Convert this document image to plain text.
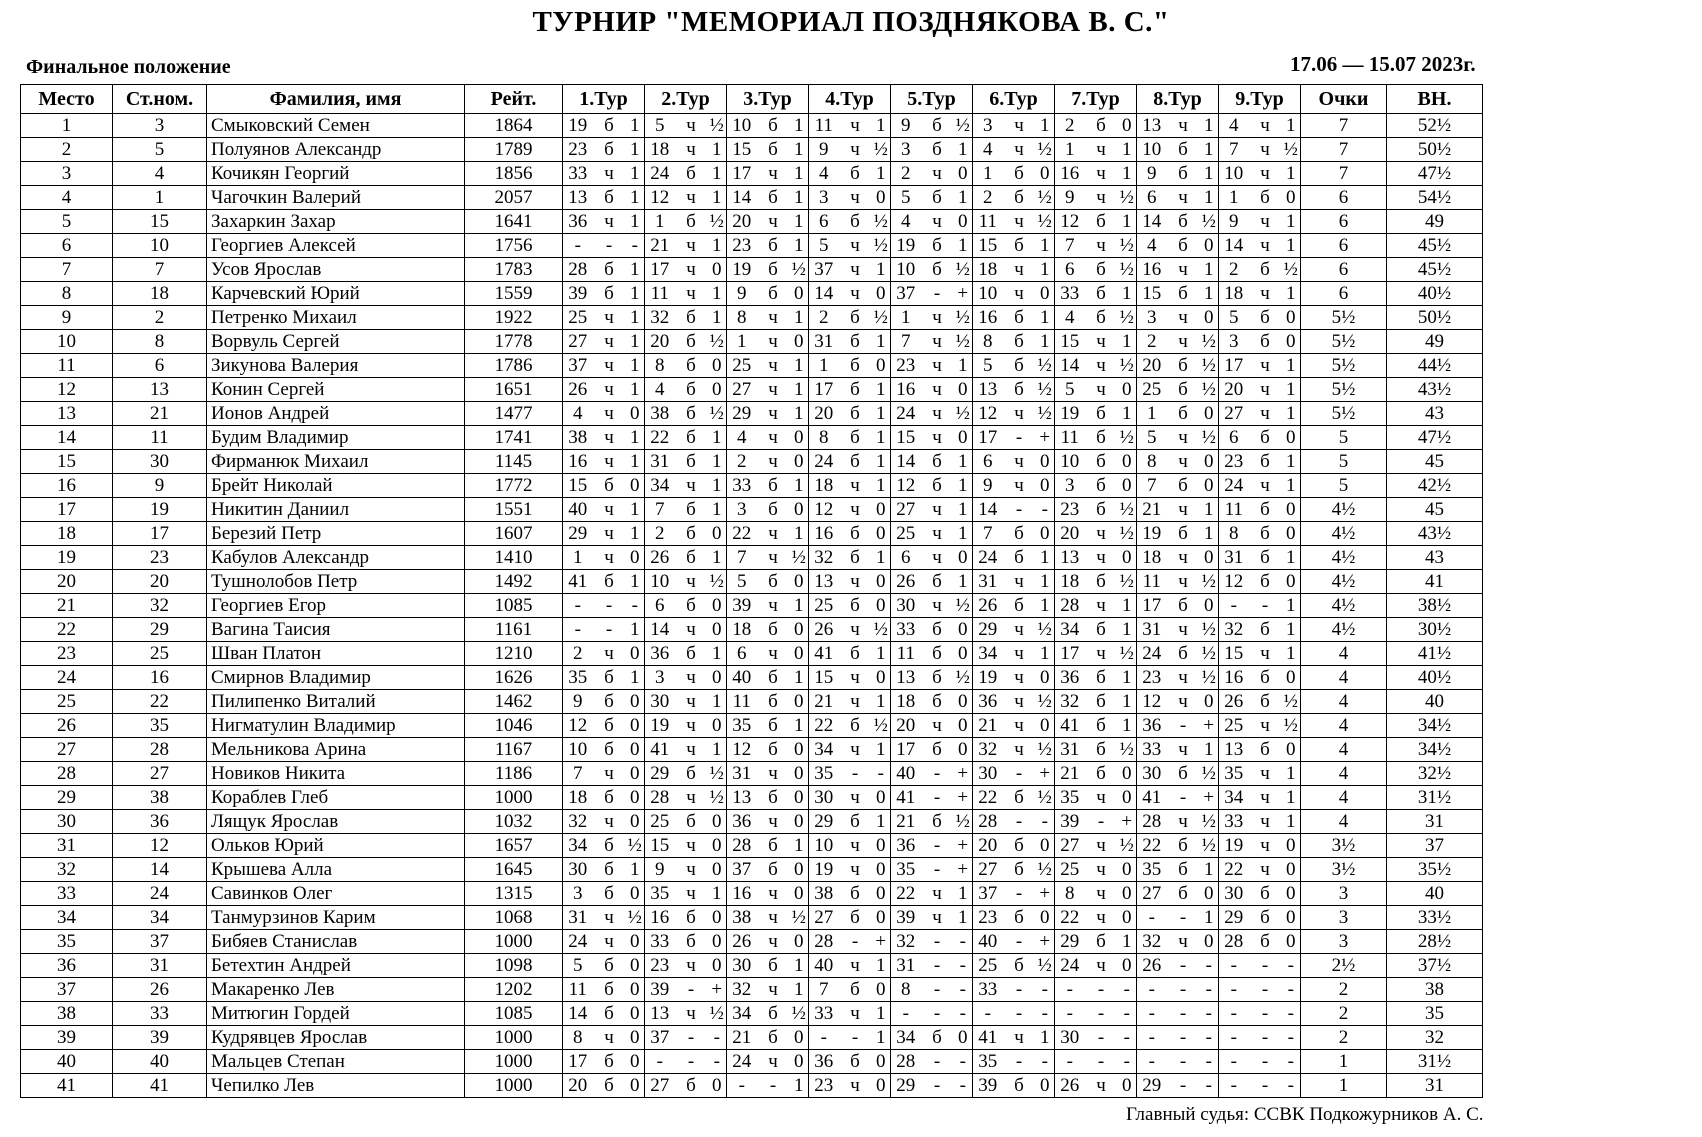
ТУРНИР "МЕМОРИАЛ ПОЗДНЯКОВА В. С."
Финальное положение	17.06 — 15.07 2023г.
Место	Ст.ном.	Фамилия, имя	Рейт.	1.Тур			2.Тур			3.Тур			4.Тур			5.Тур			6.Тур			7.Тур			8.Тур			9.Тур			Очки	ВН.
1	3	Смыковский Семен	1864	19	б	1	5	ч	½	10	б	1	11	ч	1	9	б	½	3	ч	1	2	б	0	13	ч	1	4	ч	1	7	52½
2	5	Полуянов Александр	1789	23	б	1	18	ч	1	15	б	1	9	ч	½	3	б	1	4	ч	½	1	ч	1	10	б	1	7	ч	½	7	50½
3	4	Кочикян Георгий	1856	33	ч	1	24	б	1	17	ч	1	4	б	1	2	ч	0	1	б	0	16	ч	1	9	б	1	10	ч	1	7	47½
4	1	Чагочкин Валерий	2057	13	б	1	12	ч	1	14	б	1	3	ч	0	5	б	1	2	б	½	9	ч	½	6	ч	1	1	б	0	6	54½
5	15	Захаркин Захар	1641	36	ч	1	1	б	½	20	ч	1	6	б	½	4	ч	0	11	ч	½	12	б	1	14	б	½	9	ч	1	6	49
6	10	Георгиев Алексей	1756	-	-	-	21	ч	1	23	б	1	5	ч	½	19	б	1	15	б	1	7	ч	½	4	б	0	14	ч	1	6	45½
7	7	Усов Ярослав	1783	28	б	1	17	ч	0	19	б	½	37	ч	1	10	б	½	18	ч	1	6	б	½	16	ч	1	2	б	½	6	45½
8	18	Карчевский Юрий	1559	39	б	1	11	ч	1	9	б	0	14	ч	0	37	-	+	10	ч	0	33	б	1	15	б	1	18	ч	1	6	40½
9	2	Петренко Михаил	1922	25	ч	1	32	б	1	8	ч	1	2	б	½	1	ч	½	16	б	1	4	б	½	3	ч	0	5	б	0	5½	50½
10	8	Ворвуль Сергей	1778	27	ч	1	20	б	½	1	ч	0	31	б	1	7	ч	½	8	б	1	15	ч	1	2	ч	½	3	б	0	5½	49
11	6	Зикунова Валерия	1786	37	ч	1	8	б	0	25	ч	1	1	б	0	23	ч	1	5	б	½	14	ч	½	20	б	½	17	ч	1	5½	44½
12	13	Конин Сергей	1651	26	ч	1	4	б	0	27	ч	1	17	б	1	16	ч	0	13	б	½	5	ч	0	25	б	½	20	ч	1	5½	43½
13	21	Ионов Андрей	1477	4	ч	0	38	б	½	29	ч	1	20	б	1	24	ч	½	12	ч	½	19	б	1	1	б	0	27	ч	1	5½	43
14	11	Будим Владимир	1741	38	ч	1	22	б	1	4	ч	0	8	б	1	15	ч	0	17	-	+	11	б	½	5	ч	½	6	б	0	5	47½
15	30	Фирманюк Михаил	1145	16	ч	1	31	б	1	2	ч	0	24	б	1	14	б	1	6	ч	0	10	б	0	8	ч	0	23	б	1	5	45
16	9	Брейт Николай	1772	15	б	0	34	ч	1	33	б	1	18	ч	1	12	б	1	9	ч	0	3	б	0	7	б	0	24	ч	1	5	42½
17	19	Никитин Даниил	1551	40	ч	1	7	б	1	3	б	0	12	ч	0	27	ч	1	14	-	-	23	б	½	21	ч	1	11	б	0	4½	45
18	17	Березий Петр	1607	29	ч	1	2	б	0	22	ч	1	16	б	0	25	ч	1	7	б	0	20	ч	½	19	б	1	8	б	0	4½	43½
19	23	Кабулов Александр	1410	1	ч	0	26	б	1	7	ч	½	32	б	1	6	ч	0	24	б	1	13	ч	0	18	ч	0	31	б	1	4½	43
20	20	Тушнолобов Петр	1492	41	б	1	10	ч	½	5	б	0	13	ч	0	26	б	1	31	ч	1	18	б	½	11	ч	½	12	б	0	4½	41
21	32	Георгиев Егор	1085	-	-	-	6	б	0	39	ч	1	25	б	0	30	ч	½	26	б	1	28	ч	1	17	б	0	-	-	1	4½	38½
22	29	Вагина Таисия	1161	-	-	1	14	ч	0	18	б	0	26	ч	½	33	б	0	29	ч	½	34	б	1	31	ч	½	32	б	1	4½	30½
23	25	Шван Платон	1210	2	ч	0	36	б	1	6	ч	0	41	б	1	11	б	0	34	ч	1	17	ч	½	24	б	½	15	ч	1	4	41½
24	16	Смирнов Владимир	1626	35	б	1	3	ч	0	40	б	1	15	ч	0	13	б	½	19	ч	0	36	б	1	23	ч	½	16	б	0	4	40½
25	22	Пилипенко Виталий	1462	9	б	0	30	ч	1	11	б	0	21	ч	1	18	б	0	36	ч	½	32	б	1	12	ч	0	26	б	½	4	40
26	35	Нигматулин Владимир	1046	12	б	0	19	ч	0	35	б	1	22	б	½	20	ч	0	21	ч	0	41	б	1	36	-	+	25	ч	½	4	34½
27	28	Мельникова Арина	1167	10	б	0	41	ч	1	12	б	0	34	ч	1	17	б	0	32	ч	½	31	б	½	33	ч	1	13	б	0	4	34½
28	27	Новиков Никита	1186	7	ч	0	29	б	½	31	ч	0	35	-	-	40	-	+	30	-	+	21	б	0	30	б	½	35	ч	1	4	32½
29	38	Кораблев Глеб	1000	18	б	0	28	ч	½	13	б	0	30	ч	0	41	-	+	22	б	½	35	ч	0	41	-	+	34	ч	1	4	31½
30	36	Лящук Ярослав	1032	32	ч	0	25	б	0	36	ч	0	29	б	1	21	б	½	28	-	-	39	-	+	28	ч	½	33	ч	1	4	31
31	12	Ольков Юрий	1657	34	б	½	15	ч	0	28	б	1	10	ч	0	36	-	+	20	б	0	27	ч	½	22	б	½	19	ч	0	3½	37
32	14	Крышева Алла	1645	30	б	1	9	ч	0	37	б	0	19	ч	0	35	-	+	27	б	½	25	ч	0	35	б	1	22	ч	0	3½	35½
33	24	Савинков Олег	1315	3	б	0	35	ч	1	16	ч	0	38	б	0	22	ч	1	37	-	+	8	ч	0	27	б	0	30	б	0	3	40
34	34	Танмурзинов Карим	1068	31	ч	½	16	б	0	38	ч	½	27	б	0	39	ч	1	23	б	0	22	ч	0	-	-	1	29	б	0	3	33½
35	37	Бибяев Станислав	1000	24	ч	0	33	б	0	26	ч	0	28	-	+	32	-	-	40	-	+	29	б	1	32	ч	0	28	б	0	3	28½
36	31	Бетехтин Андрей	1098	5	б	0	23	ч	0	30	б	1	40	ч	1	31	-	-	25	б	½	24	ч	0	26	-	-	-	-	-	2½	37½
37	26	Макаренко Лев	1202	11	б	0	39	-	+	32	ч	1	7	б	0	8	-	-	33	-	-	-	-	-	-	-	-	-	-	-	2	38
38	33	Митюгин Гордей	1085	14	б	0	13	ч	½	34	б	½	33	ч	1	-	-	-	-	-	-	-	-	-	-	-	-	-	-	-	2	35
39	39	Кудрявцев Ярослав	1000	8	ч	0	37	-	-	21	б	0	-	-	1	34	б	0	41	ч	1	30	-	-	-	-	-	-	-	-	2	32
40	40	Мальцев Степан	1000	17	б	0	-	-	-	24	ч	0	36	б	0	28	-	-	35	-	-	-	-	-	-	-	-	-	-	-	1	31½
41	41	Чепилко Лев	1000	20	б	0	27	б	0	-	-	1	23	ч	0	29	-	-	39	б	0	26	ч	0	29	-	-	-	-	-	1	31
Главный судья: ССВК Подкожурников А. С.
